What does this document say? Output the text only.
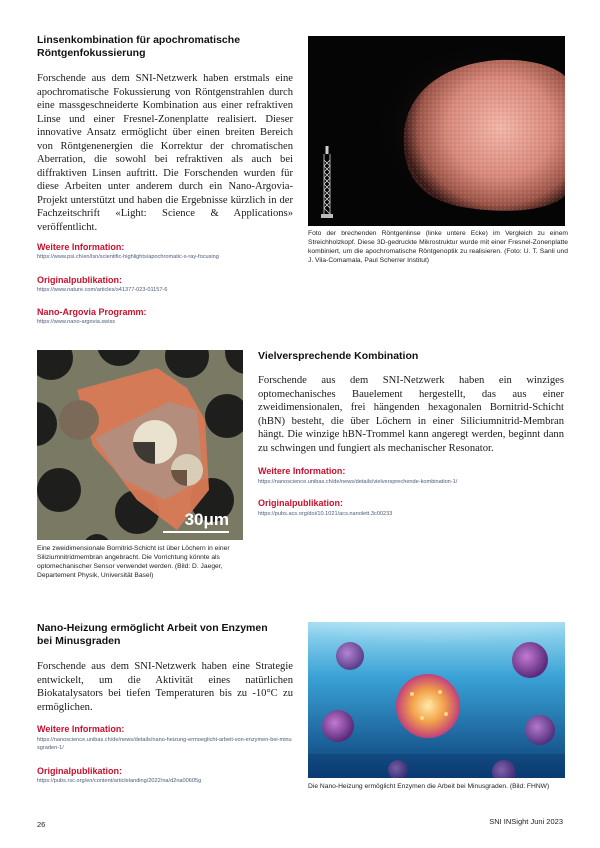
Linsenkombination für apochromatische
Röntgenfokussierung
Forschende aus dem SNI-Netzwerk haben erstmals eine apochromatische Fokussierung von Röntgenstrahlen durch eine massgeschneiderte Kombination aus einer refraktiven Linse und einer Fresnel-Zonenplatte realisiert. Dieser innovative Ansatz ermöglicht über einen breiten Bereich von Röntgenenergien die Korrektur der chromatischen Aberration, die sowohl bei refraktiven als auch bei diffraktiven Linsen auftritt. Die Forschenden wurden für diese Arbeiten unter anderem durch ein Nano-Argovia-Projekt unterstützt und haben die Ergebnisse kürzlich in der Fachzeitschrift «Light: Science & Applications» veröffentlicht.
Weitere Information:
https://www.psi.ch/en/lsn/scientific-highlights/apochromatic-x-ray-focusing
Originalpublikation:
https://www.nature.com/articles/s41377-023-01157-6
Nano-Argovia Programm:
https://www.nano-argovia.swiss
Foto der brechenden Röntgenlinse (linke untere Ecke) im Vergleich zu einem Streichholzkopf. Diese 3D-gedruckte Mikrostruktur wurde mit einer Fresnel-Zonenplatte kombiniert, um die apochromatische Röntgenoptik zu realisieren. (Foto: U. T. Sanli und J. Vila-Comamala, Paul Scherrer Institut)
30μm
Eine zweidimensionale Bornitrid-Schicht ist über Löchern in einer Siliziumnitridmembran angebracht. Die Vorrichtung könnte als optomechanischer Sensor verwendet werden. (Bild: D. Jaeger, Departement Physik, Universität Basel)
Vielversprechende Kombination
Forschende aus dem SNI-Netzwerk haben ein winziges optomechanisches Bauelement hergestellt, das aus einer zweidimensionalen, frei hängenden hexagonalen Bornitrid-Schicht (hBN) besteht, die über Löchern in einer Siliciumnitrid-Membran hängt. Die winzige hBN-Trommel kann angeregt werden, beginnt dann zu schwingen und fungiert als mechanischer Resonator.
Weitere Information:
https://nanoscience.unibas.ch/de/news/details/vielversprechende-kombination-1/
Originalpublikation:
https://pubs.acs.org/doi/10.1021/acs.nanolett.3c00233
Nano-Heizung ermöglicht Arbeit von Enzymen
bei Minusgraden
Forschende aus dem SNI-Netzwerk haben eine Strategie entwickelt, um die Aktivität eines natürlichen Biokatalysators bei tiefen Temperaturen bis zu -10°C zu ermöglichen.
Weitere Information:
https://nanoscience.unibas.ch/de/news/details/nano-heizung-ermoeglicht-arbeit-von-enzymen-bei-minusgraden-1/
Originalpublikation:
https://pubs.rsc.org/en/content/articlelanding/2022/na/d2na00605g
Die Nano-Heizung ermöglicht Enzymen die Arbeit bei Minusgraden. (Bild: FHNW)
26	SNI INSight Juni 2023
